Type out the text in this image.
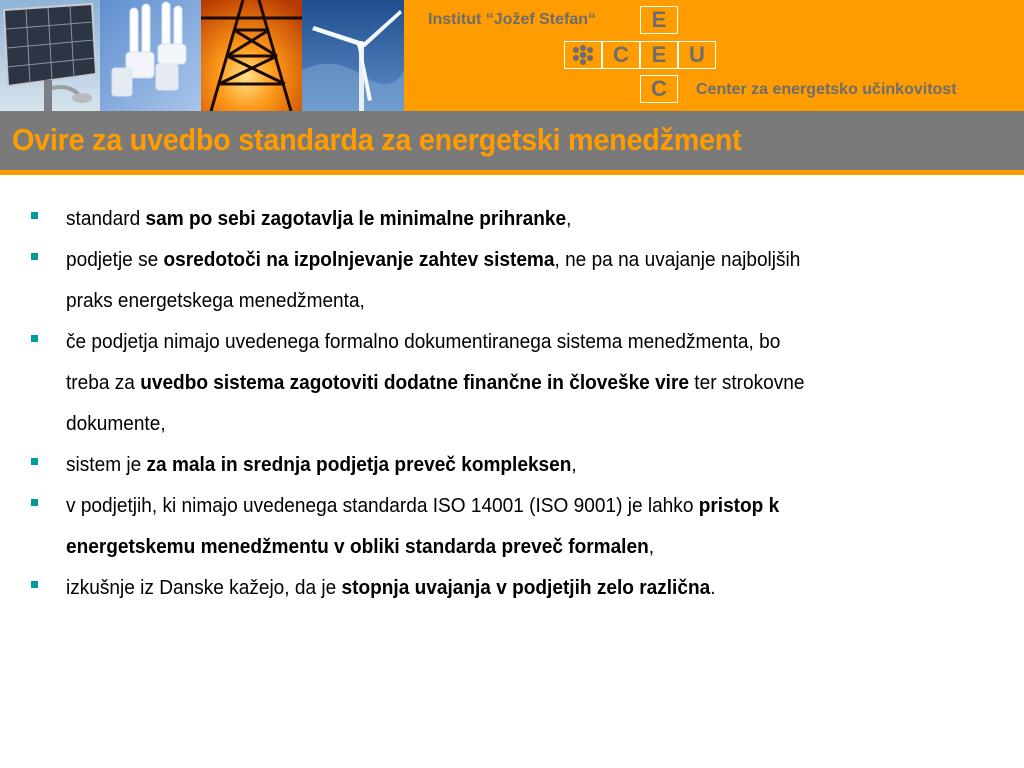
Institut “Jožef Stefan“	E
C	E	U
C	Center za energetsko učinkovitost
Ovire za uvedbo standarda za energetski menedžment
standard sam po sebi zagotavlja le minimalne prihranke,
podjetje se osredotoči na izpolnjevanje zahtev sistema, ne pa na uvajanje najboljših
praks energetskega menedžmenta,
če podjetja nimajo uvedenega formalno dokumentiranega sistema menedžmenta, bo
treba za uvedbo sistema zagotoviti dodatne finančne in človeške vire ter strokovne
dokumente,
sistem je za mala in srednja podjetja preveč kompleksen,
v podjetjih, ki nimajo uvedenega standarda ISO 14001 (ISO 9001) je lahko pristop k
energetskemu menedžmentu v obliki standarda preveč formalen,
izkušnje iz Danske kažejo, da je stopnja uvajanja v podjetjih zelo različna.
